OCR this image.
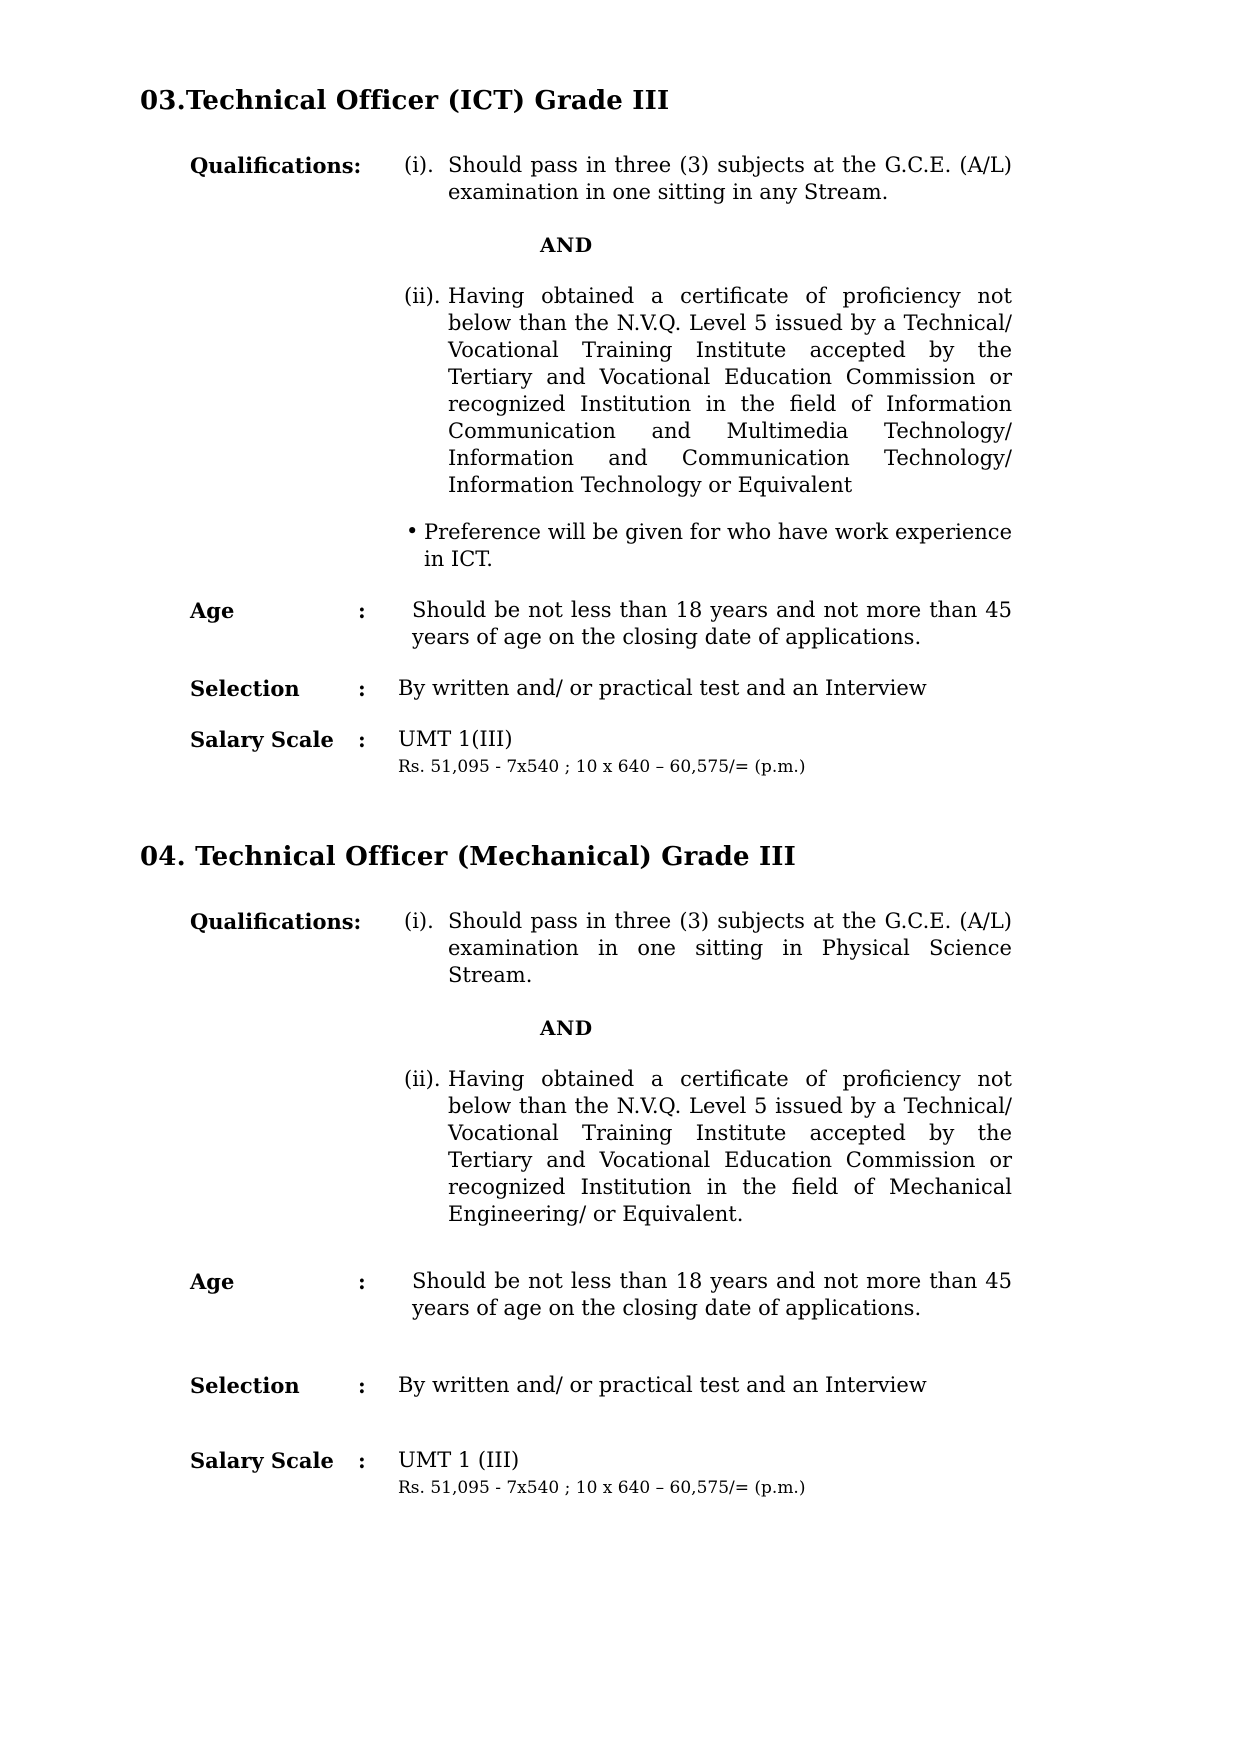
03.Technical Officer (ICT) Grade III
Qualifications:	(i). Should pass in three (3) subjects at the G.C.E. (A/L) examination in one sitting in any Stream.
AND
(ii). Having obtained a certificate of proficiency not below than the N.V.Q. Level 5 issued by a Technical/ Vocational Training Institute accepted by the Tertiary and Vocational Education Commission or recognized Institution in the field of Information Communication and Multimedia Technology/ Information and Communication Technology/ Information Technology or Equivalent
• Preference will be given for who have work experience in ICT.
Age	:	Should be not less than 18 years and not more than 45 years of age on the closing date of applications.
Selection	:	By written and/ or practical test and an Interview
Salary Scale	:	UMT 1(III)
Rs. 51,095 - 7x540 ; 10 x 640 – 60,575/= (p.m.)
04. Technical Officer (Mechanical) Grade III
Qualifications:	(i). Should pass in three (3) subjects at the G.C.E. (A/L) examination in one sitting in Physical Science Stream.
AND
(ii). Having obtained a certificate of proficiency not below than the N.V.Q. Level 5 issued by a Technical/ Vocational Training Institute accepted by the Tertiary and Vocational Education Commission or recognized Institution in the field of Mechanical Engineering/ or Equivalent.
Age	:	Should be not less than 18 years and not more than 45 years of age on the closing date of applications.
Selection	:	By written and/ or practical test and an Interview
Salary Scale	:	UMT 1 (III)
Rs. 51,095 - 7x540 ; 10 x 640 – 60,575/= (p.m.)
